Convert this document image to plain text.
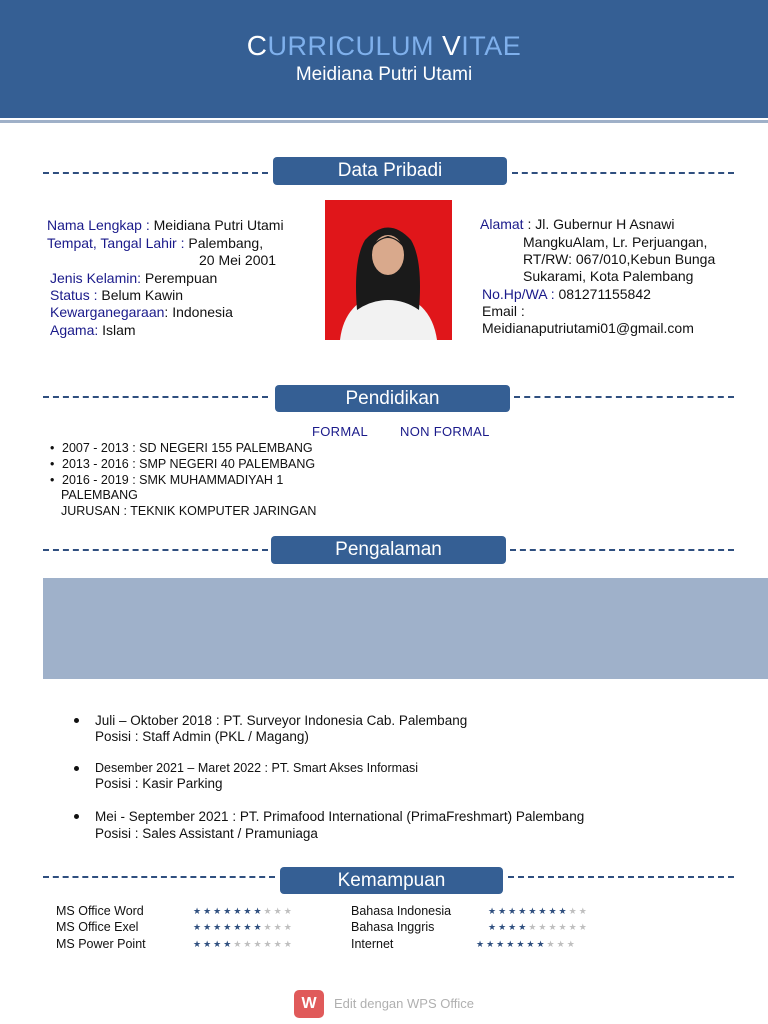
CURRICULUM VITAE
Meidiana Putri Utami
Data Pribadi
Nama Lengkap : Meidiana Putri Utami
Tempat, Tangal Lahir : Palembang,
20 Mei 2001
Jenis Kelamin: Perempuan
Status : Belum Kawin
Kewarganegaraan: Indonesia
Agama: Islam
Alamat : Jl. Gubernur H Asnawi
MangkuAlam, Lr. Perjuangan,
RT/RW: 067/010,Kebun Bunga
Sukarami, Kota Palembang
No.Hp/WA : 081271155842
Email :
Meidianaputriutami01@gmail.com
Pendidikan
FORMAL NON FORMAL
• 2007 - 2013 : SD NEGERI 155 PALEMBANG
• 2013 - 2016 : SMP NEGERI 40 PALEMBANG
• 2016 - 2019 : SMK MUHAMMADIYAH 1
PALEMBANG
JURUSAN : TEKNIK KOMPUTER JARINGAN
Pengalaman
Juli – Oktober 2018 : PT. Surveyor Indonesia Cab. Palembang
Posisi : Staff Admin (PKL / Magang)
Desember 2021 – Maret 2022 : PT. Smart Akses Informasi
Posisi : Kasir Parking
Mei - September 2021 : PT. Primafood International (PrimaFreshmart) Palembang
Posisi : Sales Assistant / Pramuniaga
Kemampuan
MS Office Word	★★★★★★★★★★
MS Office Exel	★★★★★★★★★★
MS Power Point	★★★★★★★★★★
Bahasa Indonesia	★★★★★★★★★★
Bahasa Inggris	★★★★★★★★★★
Internet	★★★★★★★★★★
W	Edit dengan WPS Office
